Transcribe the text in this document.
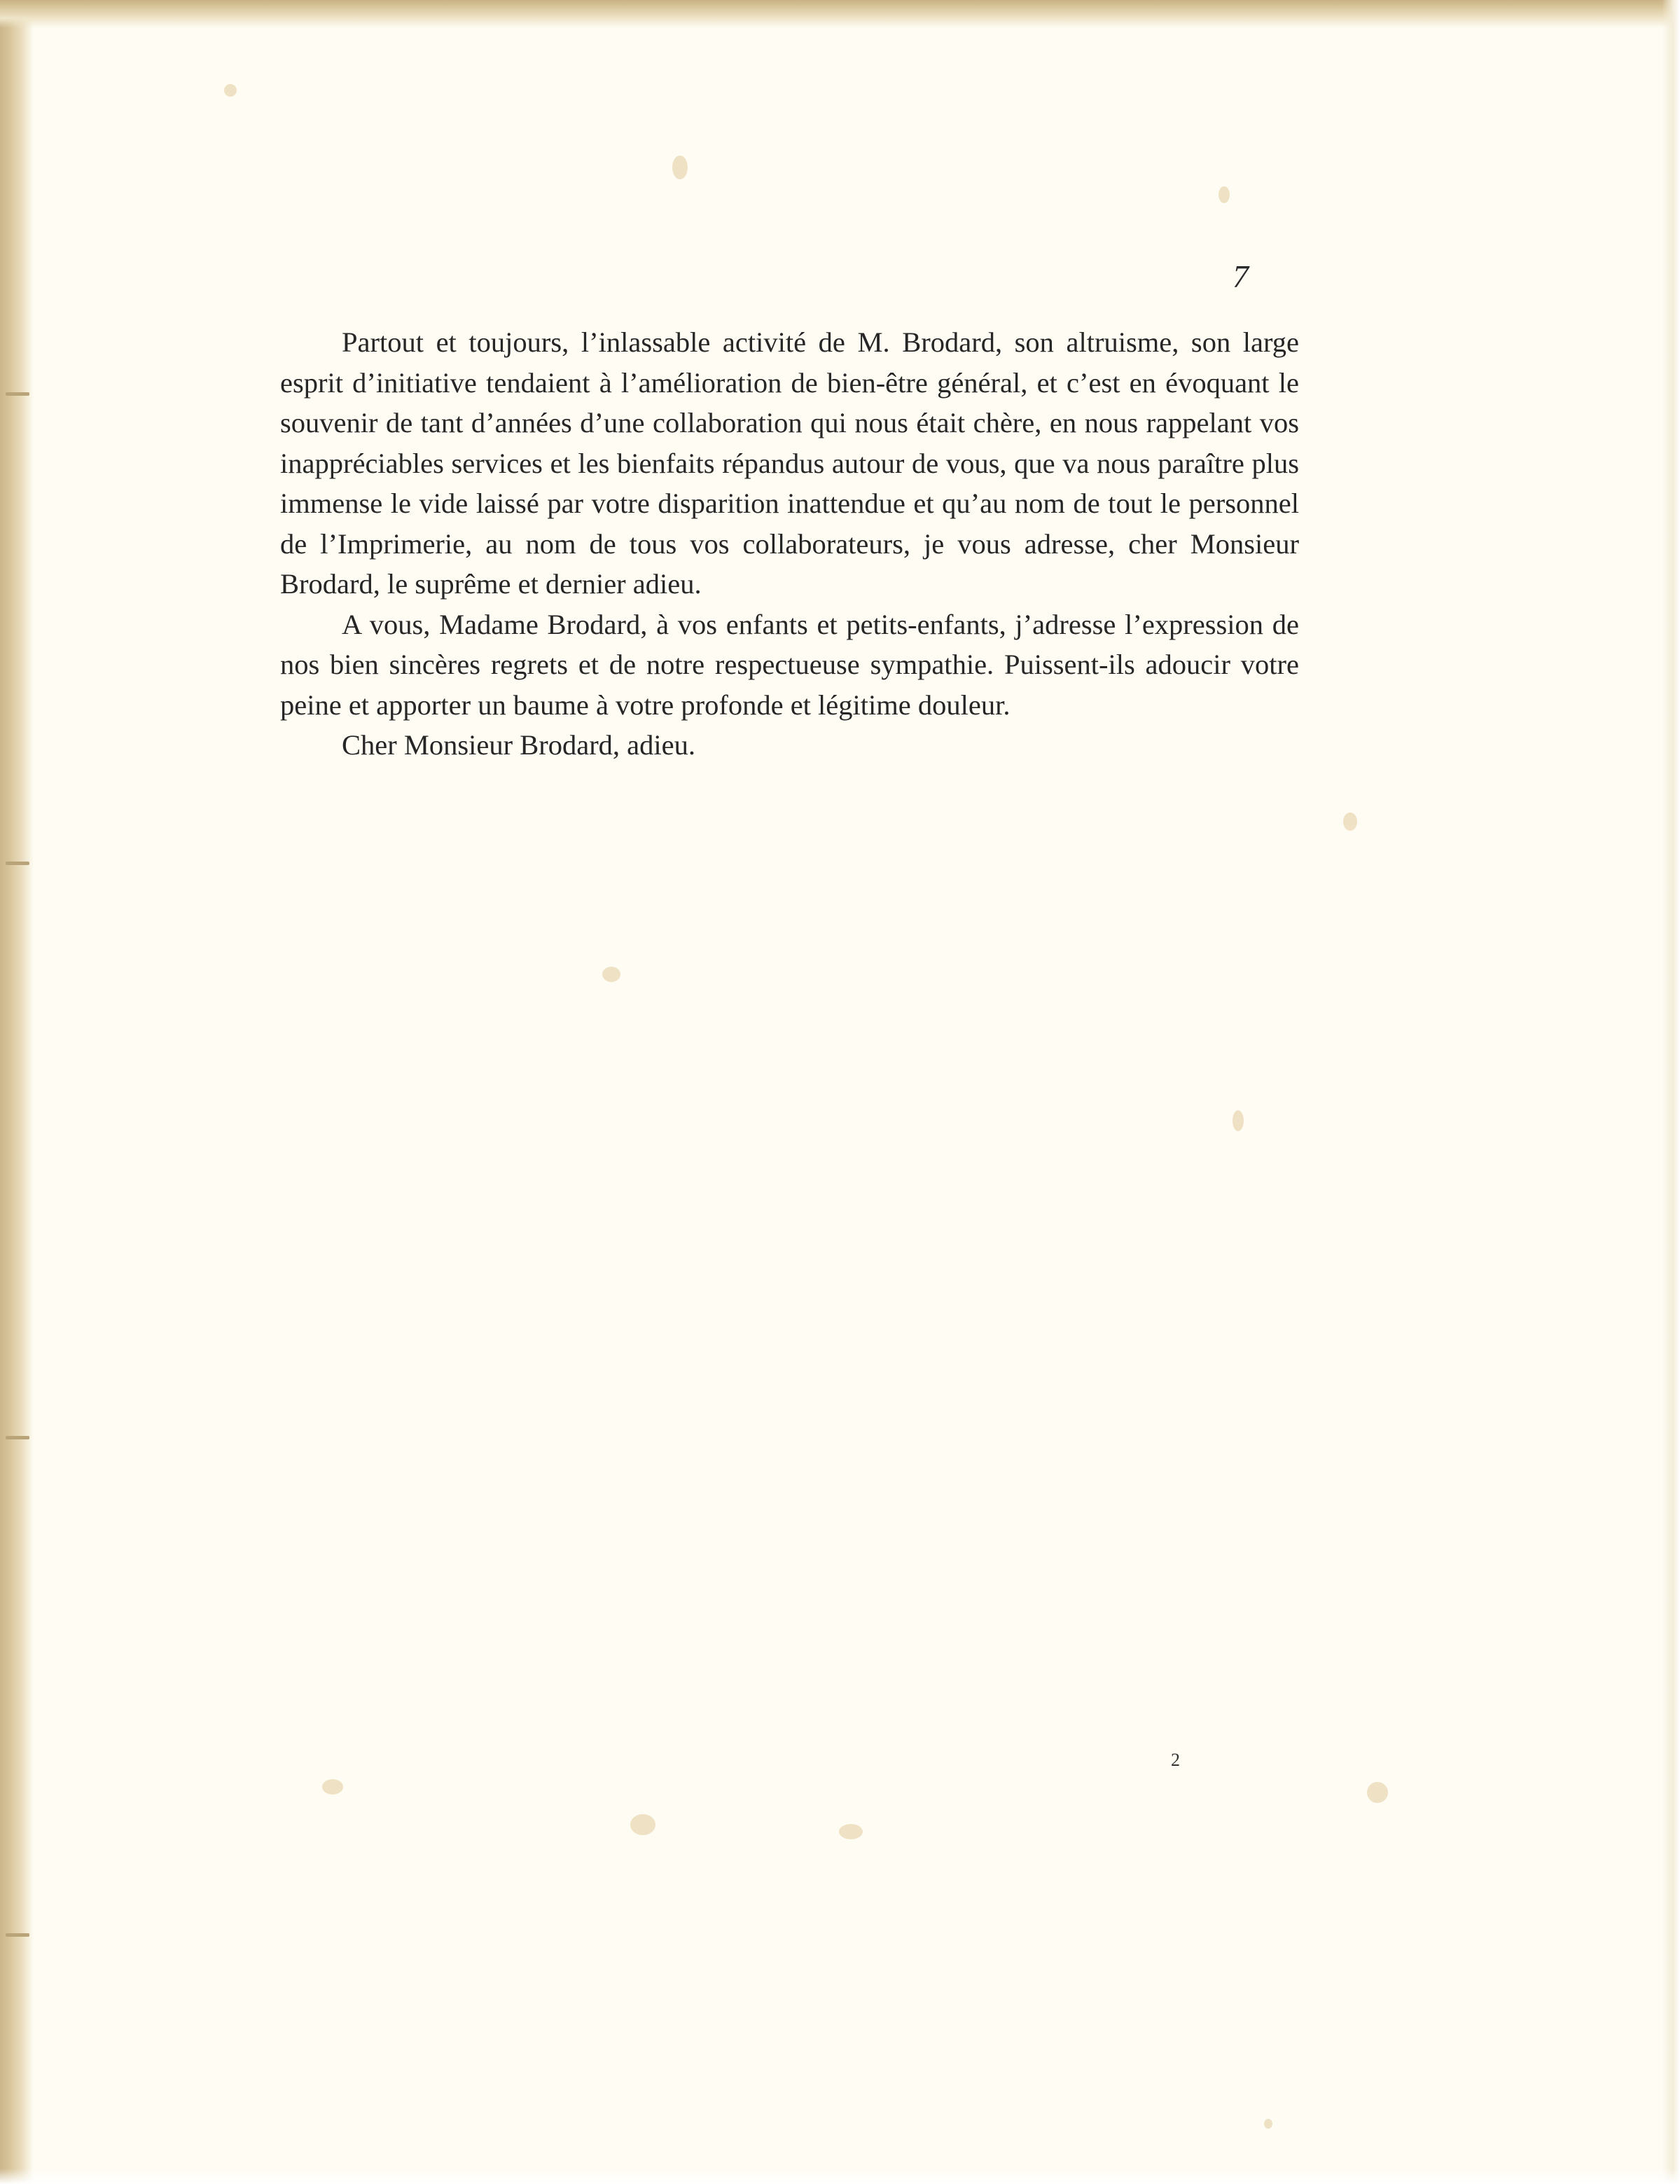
7

Partout et toujours, l’inlassable activité de M. Brodard, son altruisme, son large esprit d’initiative tendaient à l’amélioration de bien-être général, et c’est en évoquant le souvenir de tant d’années d’une collaboration qui nous était chère, en nous rappelant vos inappréciables services et les bienfaits répandus autour de vous, que va nous paraître plus immense le vide laissé par votre disparition inattendue et qu’au nom de tout le personnel de l’Imprimerie, au nom de tous vos collaborateurs, je vous adresse, cher Monsieur Brodard, le suprême et dernier adieu.

A vous, Madame Brodard, à vos enfants et petits-enfants, j’adresse l’expression de nos bien sincères regrets et de notre respectueuse sympathie. Puissent-ils adoucir votre peine et apporter un baume à votre profonde et légitime douleur.

Cher Monsieur Brodard, adieu.

2
